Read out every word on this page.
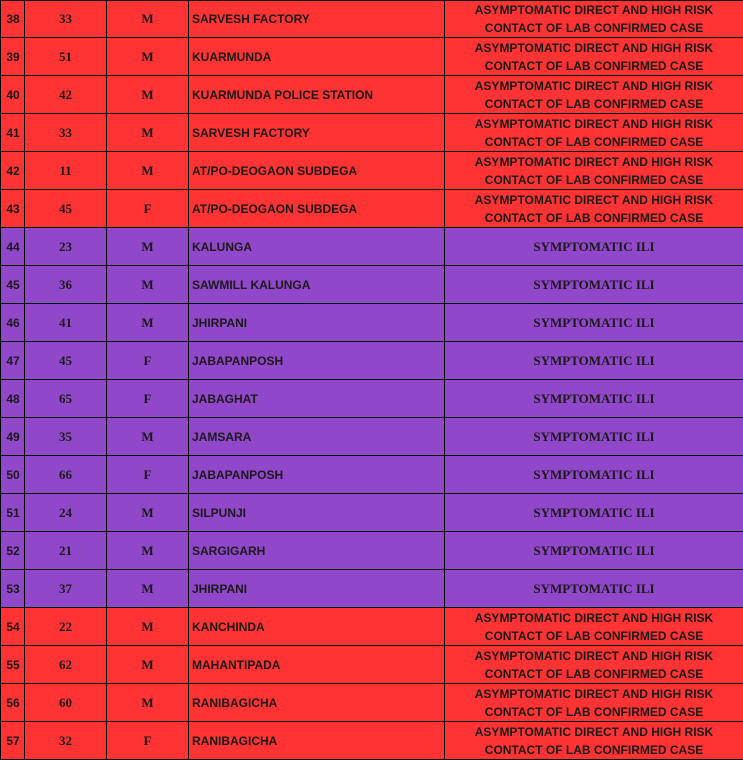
38	33	M	SARVESH FACTORY	ASYMPTOMATIC DIRECT AND HIGH RISK CONTACT OF LAB CONFIRMED CASE
39	51	M	KUARMUNDA	ASYMPTOMATIC DIRECT AND HIGH RISK CONTACT OF LAB CONFIRMED CASE
40	42	M	KUARMUNDA POLICE STATION	ASYMPTOMATIC DIRECT AND HIGH RISK CONTACT OF LAB CONFIRMED CASE
41	33	M	SARVESH FACTORY	ASYMPTOMATIC DIRECT AND HIGH RISK CONTACT OF LAB CONFIRMED CASE
42	11	M	AT/PO-DEOGAON SUBDEGA	ASYMPTOMATIC DIRECT AND HIGH RISK CONTACT OF LAB CONFIRMED CASE
43	45	F	AT/PO-DEOGAON SUBDEGA	ASYMPTOMATIC DIRECT AND HIGH RISK CONTACT OF LAB CONFIRMED CASE
44	23	M	KALUNGA	SYMPTOMATIC ILI
45	36	M	SAWMILL KALUNGA	SYMPTOMATIC ILI
46	41	M	JHIRPANI	SYMPTOMATIC ILI
47	45	F	JABAPANPOSH	SYMPTOMATIC ILI
48	65	F	JABAGHAT	SYMPTOMATIC ILI
49	35	M	JAMSARA	SYMPTOMATIC ILI
50	66	F	JABAPANPOSH	SYMPTOMATIC ILI
51	24	M	SILPUNJI	SYMPTOMATIC ILI
52	21	M	SARGIGARH	SYMPTOMATIC ILI
53	37	M	JHIRPANI	SYMPTOMATIC ILI
54	22	M	KANCHINDA	ASYMPTOMATIC DIRECT AND HIGH RISK CONTACT OF LAB CONFIRMED CASE
55	62	M	MAHANTIPADA	ASYMPTOMATIC DIRECT AND HIGH RISK CONTACT OF LAB CONFIRMED CASE
56	60	M	RANIBAGICHA	ASYMPTOMATIC DIRECT AND HIGH RISK CONTACT OF LAB CONFIRMED CASE
57	32	F	RANIBAGICHA	ASYMPTOMATIC DIRECT AND HIGH RISK CONTACT OF LAB CONFIRMED CASE
